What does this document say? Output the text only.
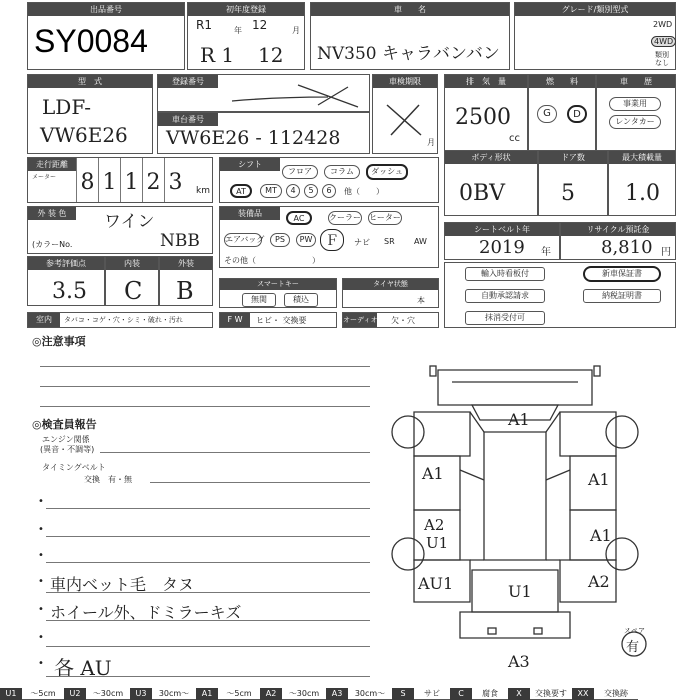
出品番号
SY0084
初年度登録
R1	年 12	月
R 1 12
車　　名
NV350 キャラバンバン
グレード/類別型式
2WD
4WD
類別
なし
型　式
LDF-
VW6E26
登録番号
車台番号
VW6E26 - 112428
車検期限
月
排　気　量
2500
cc
燃　　料
G	D
車　　歴
事業用
レンタカー
走行距離
メーター 8 1 1 2 3	km
シフト
フロア	コラム	ダッシュ
AT	MT	4	5	6	他（　　）
ボディ形状
0BV
ドア数
5
最大積載量
1.0
外 装 色	ワイン
(カラーNo.	NBB
装備品
AC	クーラー ヒーター
エアバッグ	PS	PW Ｆ	ナビ SR AW
その他（　　　　　　　）
シートベルト年
2019 年
リサイクル預託金
8,810 円
参考評価点
3.5
内装
C
外装
B	スマートキー
無関	積込
タイヤ状態
本
輸入時看板付	新車保証書
自動承認請求	納税証明書
抹消受付可
室内	タバコ・コゲ・穴・シミ・破れ・汚れ	F W	ヒビ・ 交換要	オーディオ 欠・穴
◎注意事項
◎検査員報告
エンジン関係
(異音・不調等)
タイミングベルト
交換　有・無
•
•
•
• 車内ベット毛　タヌ
• ホイール外、ドミラーキズ
•
• 各 AU
A1
A1	A1
A2
U1	A1
AU1	A2
U1
A3
スペア
有
U1	～5cm	U2	～30cm	U3	30cm～	A1	～5cm	A2	～30cm	A3	30cm～	S	サビ	C	腐食	X	交換要す	XX	交換跡
